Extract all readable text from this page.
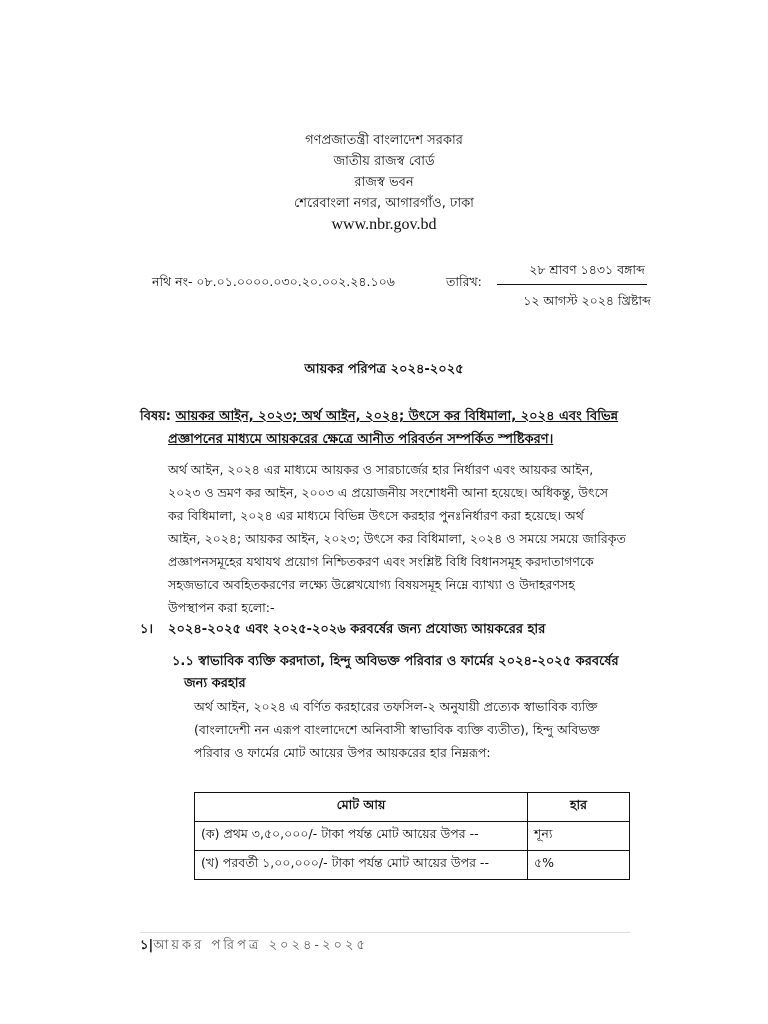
গণপ্রজাতন্ত্রী বাংলাদেশ সরকার
জাতীয় রাজস্ব বোর্ড
রাজস্ব ভবন
শেরেবাংলা নগর, আগারগাঁও, ঢাকা
www.nbr.gov.bd
নথি নং- ০৮.০১.০০০০.০৩০.২০.০০২.২৪.১০৬	তারিখ:
২৮ শ্রাবণ ১৪৩১ বঙ্গাব্দ
১২ আগস্ট ২০২৪ খ্রিষ্টাব্দ
আয়কর পরিপত্র ২০২৪-২০২৫
বিষয়: আয়কর আইন, ২০২৩; অর্থ আইন, ২০২৪; উৎসে কর বিধিমালা, ২০২৪ এবং বিভিন্ন
প্রজ্ঞাপনের মাধ্যমে আয়করের ক্ষেত্রে আনীত পরিবর্তন সম্পর্কিত স্পষ্টিকরণ।
অর্থ আইন, ২০২৪ এর মাধ্যমে আয়কর ও সারচার্জের হার নির্ধারণ এবং আয়কর আইন,
২০২৩ ও ভ্রমণ কর আইন, ২০০৩ এ প্রয়োজনীয় সংশোধনী আনা হয়েছে। অধিকন্তু, উৎসে
কর বিধিমালা, ২০২৪ এর মাধ্যমে বিভিন্ন উৎসে করহার পুনঃনির্ধারণ করা হয়েছে। অর্থ
আইন, ২০২৪; আয়কর আইন, ২০২৩; উৎসে কর বিধিমালা, ২০২৪ ও সময়ে সময়ে জারিকৃত
প্রজ্ঞাপনসমূহের যথাযথ প্রয়োগ নিশ্চিতকরণ এবং সংশ্লিষ্ট বিধি বিধানসমূহ করদাতাগণকে
সহজভাবে অবহিতকরণের লক্ষ্যে উল্লেখযোগ্য বিষয়সমূহ নিম্নে ব্যাখ্যা ও উদাহরণসহ
উপস্থাপন করা হলো:-
১। ২০২৪-২০২৫ এবং ২০২৫-২০২৬ করবর্ষের জন্য প্রযোজ্য আয়করের হার
১.১ স্বাভাবিক ব্যক্তি করদাতা, হিন্দু অবিভক্ত পরিবার ও ফার্মের ২০২৪-২০২৫ করবর্ষের
জন্য করহার
অর্থ আইন, ২০২৪ এ বর্ণিত করহারের তফসিল-২ অনুযায়ী প্রত্যেক স্বাভাবিক ব্যক্তি
(বাংলাদেশী নন এরূপ বাংলাদেশে অনিবাসী স্বাভাবিক ব্যক্তি ব্যতীত), হিন্দু অবিভক্ত
পরিবার ও ফার্মের মোট আয়ের উপর আয়করের হার নিম্নরূপ:
মোট আয়	হার
(ক) প্রথম ৩,৫০,০০০/- টাকা পর্যন্ত মোট আয়ের উপর --	শূন্য
(খ) পরবর্তী ১,০০,০০০/- টাকা পর্যন্ত মোট আয়ের উপর --	৫%
১|আয়কর পরিপত্র ২০২৪-২০২৫
